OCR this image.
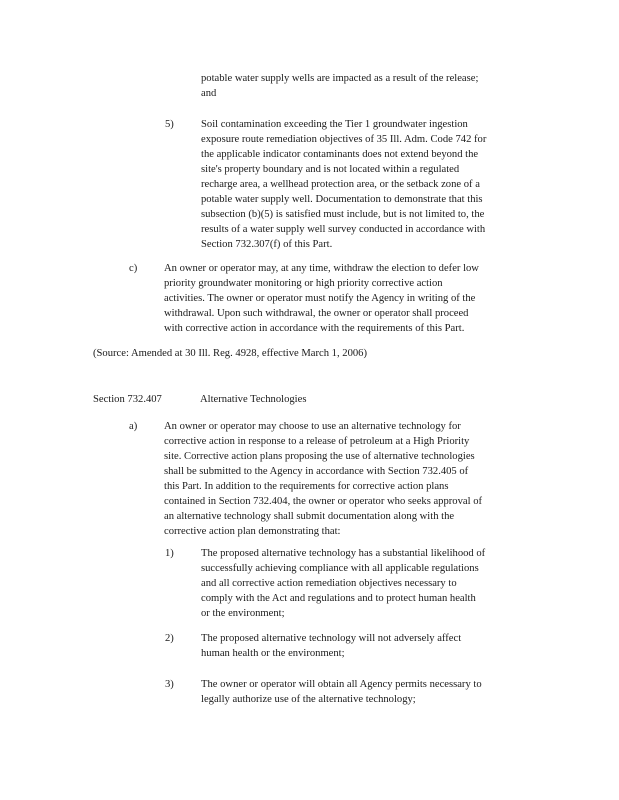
potable water supply wells are impacted as a result of the release;
and
5)	Soil contamination exceeding the Tier 1 groundwater ingestion
exposure route remediation objectives of 35 Ill. Adm. Code 742 for
the applicable indicator contaminants does not extend beyond the
site's property boundary and is not located within a regulated
recharge area, a wellhead protection area, or the setback zone of a
potable water supply well. Documentation to demonstrate that this
subsection (b)(5) is satisfied must include, but is not limited to, the
results of a water supply well survey conducted in accordance with
Section 732.307(f) of this Part.
c)	An owner or operator may, at any time, withdraw the election to defer low
priority groundwater monitoring or high priority corrective action
activities. The owner or operator must notify the Agency in writing of the
withdrawal. Upon such withdrawal, the owner or operator shall proceed
with corrective action in accordance with the requirements of this Part.
(Source: Amended at 30 Ill. Reg. 4928, effective March 1, 2006)
Section 732.407	Alternative Technologies
a)	An owner or operator may choose to use an alternative technology for
corrective action in response to a release of petroleum at a High Priority
site. Corrective action plans proposing the use of alternative technologies
shall be submitted to the Agency in accordance with Section 732.405 of
this Part. In addition to the requirements for corrective action plans
contained in Section 732.404, the owner or operator who seeks approval of
an alternative technology shall submit documentation along with the
corrective action plan demonstrating that:
1)	The proposed alternative technology has a substantial likelihood of
successfully achieving compliance with all applicable regulations
and all corrective action remediation objectives necessary to
comply with the Act and regulations and to protect human health
or the environment;
2)	The proposed alternative technology will not adversely affect
human health or the environment;
3)	The owner or operator will obtain all Agency permits necessary to
legally authorize use of the alternative technology;
